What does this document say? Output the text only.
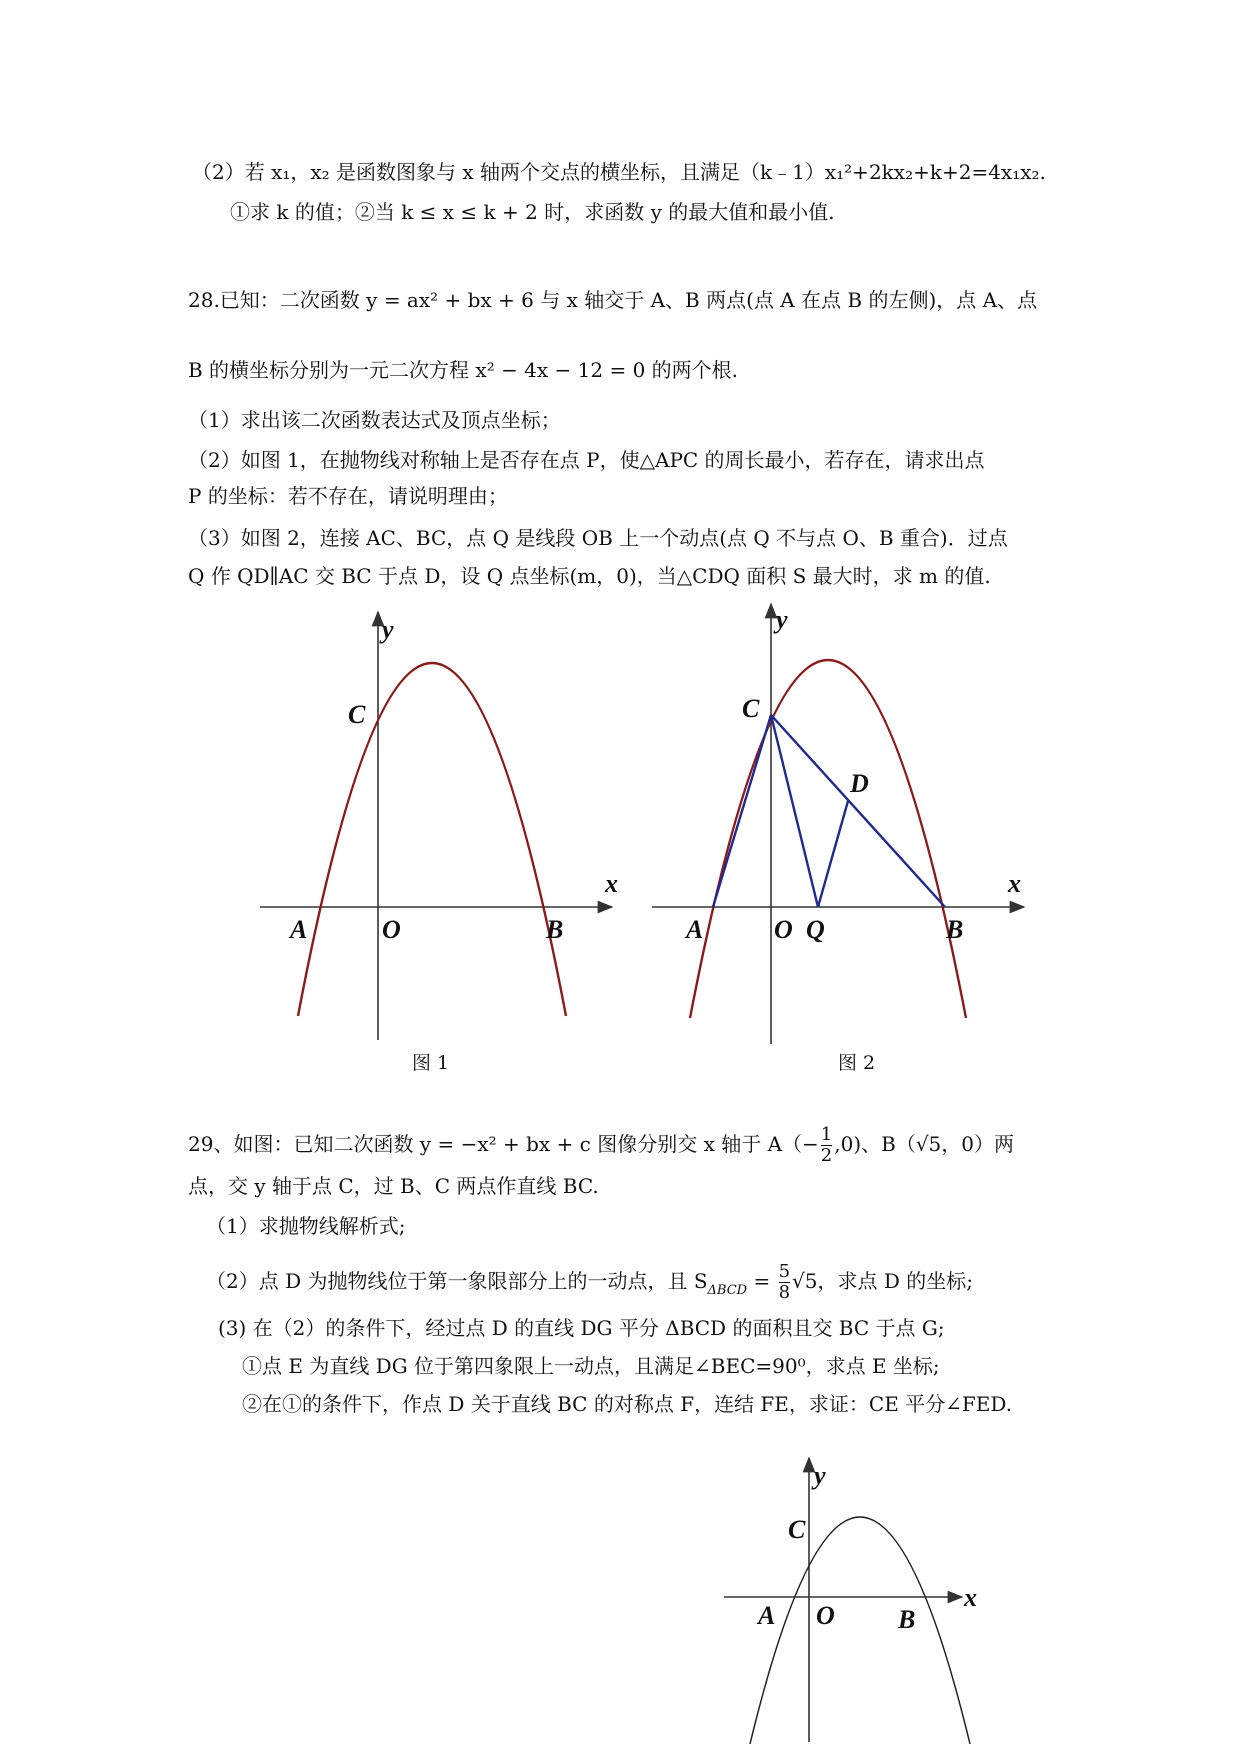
（2）若 x₁，x₂ 是函数图象与 x 轴两个交点的横坐标，且满足（k﹣1）x₁²+2kx₂+k+2=4x₁x₂.
①求 k 的值；②当 k ≤ x ≤ k + 2 时，求函数 y 的最大值和最小值.
28.已知：二次函数 y = ax² + bx + 6 与 x 轴交于 A、B 两点(点 A 在点 B 的左侧)，点 A、点
B 的横坐标分别为一元二次方程 x² − 4x − 12 = 0 的两个根.
（1）求出该二次函数表达式及顶点坐标；
（2）如图 1，在抛物线对称轴上是否存在点 P，使△APC 的周长最小，若存在，请求出点
P 的坐标：若不存在，请说明理由；
（3）如图 2，连接 AC、BC，点 Q 是线段 OB 上一个动点(点 Q 不与点 O、B 重合)．过点
Q 作 QD∥AC 交 BC 于点 D，设 Q 点坐标(m，0)，当△CDQ 面积 S 最大时，求 m 的值.
y
x
C
A	O	B
y
x
C
D
A	O Q	B
y
x
C
A O B
图 1	图 2
29、如图：已知二次函数 y = −x² + bx + c 图像分别交 x 轴于 $A(- \frac{1}{2} ,0)$、B（√5，0）两
点，交 y 轴于点 C，过 B、C 两点作直线 BC.
（1）求抛物线解析式;
（2）点 D 为抛物线位于第一象限部分上的一动点，且 $S_{\Delta BCD} = \frac{5}{8} √5$，求点 D 的坐标;
(3) 在（2）的条件下，经过点 D 的直线 DG 平分 ΔBCD 的面积且交 BC 于点 G;
①点 E 为直线 DG 位于第四象限上一动点，且满足∠BEC=90⁰，求点 E 坐标;
②在①的条件下，作点 D 关于直线 BC 的对称点 F，连结 FE，求证：CE 平分∠FED.
